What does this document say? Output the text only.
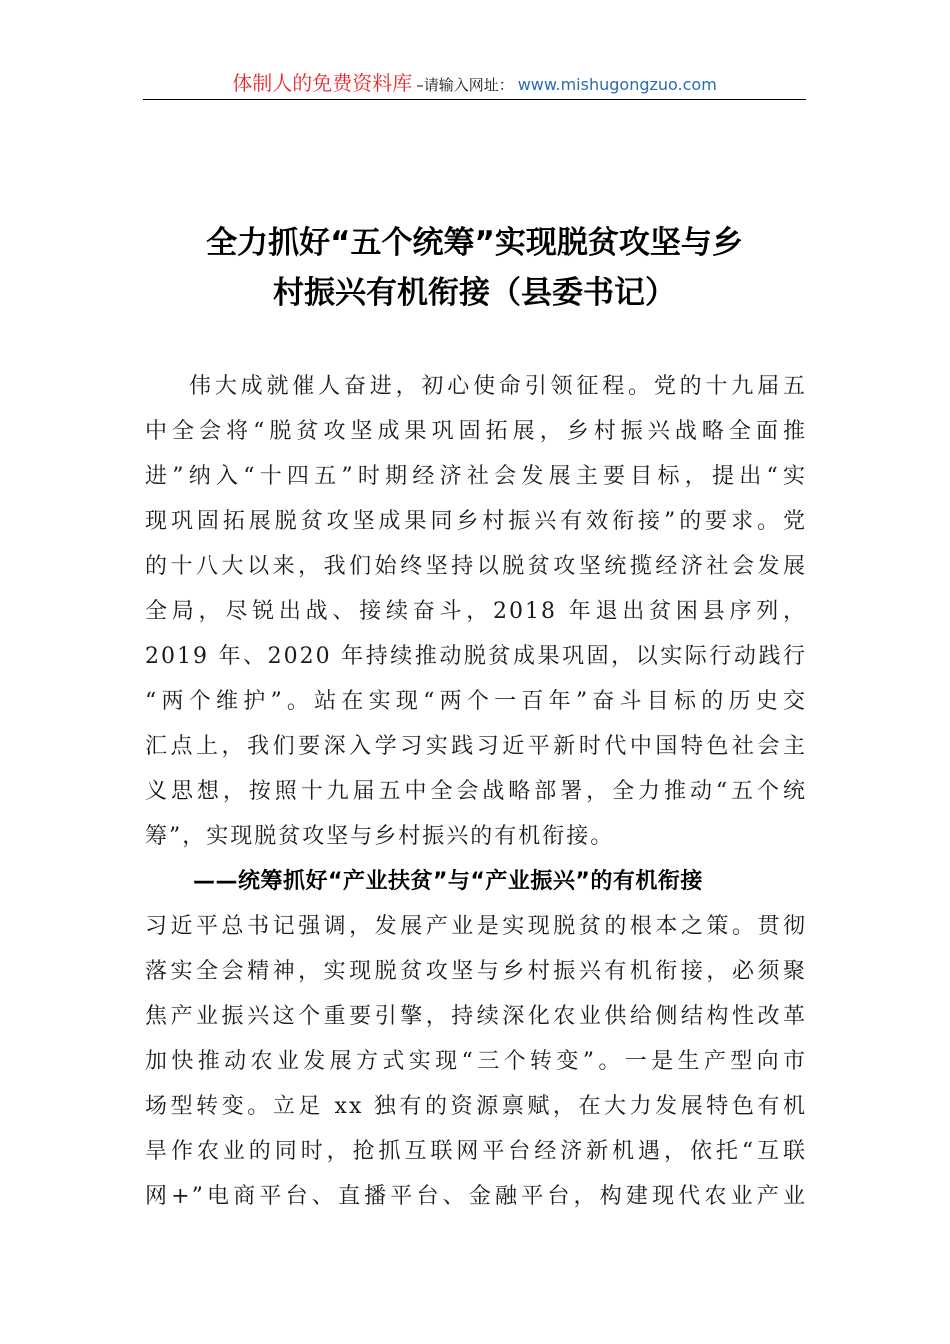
体制人的免费资料库 –请输入网址： www.mishugongzuo.com
全力抓好“五个统筹”实现脱贫攻坚与乡
村振兴有机衔接（县委书记）
伟大成就催人奋进，初心使命引领征程。党的十九届五
中全会将“脱贫攻坚成果巩固拓展，乡村振兴战略全面推
进”纳入“十四五”时期经济社会发展主要目标，提出“实
现巩固拓展脱贫攻坚成果同乡村振兴有效衔接”的要求。党
的十八大以来，我们始终坚持以脱贫攻坚统揽经济社会发展
全局，尽锐出战、接续奋斗，2018 年退出贫困县序列，
2019 年、2020 年持续推动脱贫成果巩固，以实际行动践行
“两个维护”。站在实现“两个一百年”奋斗目标的历史交
汇点上，我们要深入学习实践习近平新时代中国特色社会主
义思想，按照十九届五中全会战略部署，全力推动“五个统
筹”，实现脱贫攻坚与乡村振兴的有机衔接。
——统筹抓好“产业扶贫”与“产业振兴”的有机衔接
习近平总书记强调，发展产业是实现脱贫的根本之策。贯彻
落实全会精神，实现脱贫攻坚与乡村振兴有机衔接，必须聚
焦产业振兴这个重要引擎，持续深化农业供给侧结构性改革
加快推动农业发展方式实现“三个转变”。一是生产型向市
场型转变。立足 xx 独有的资源禀赋，在大力发展特色有机
旱作农业的同时，抢抓互联网平台经济新机遇，依托“互联
网+”电商平台、直播平台、金融平台，构建现代农业产业
